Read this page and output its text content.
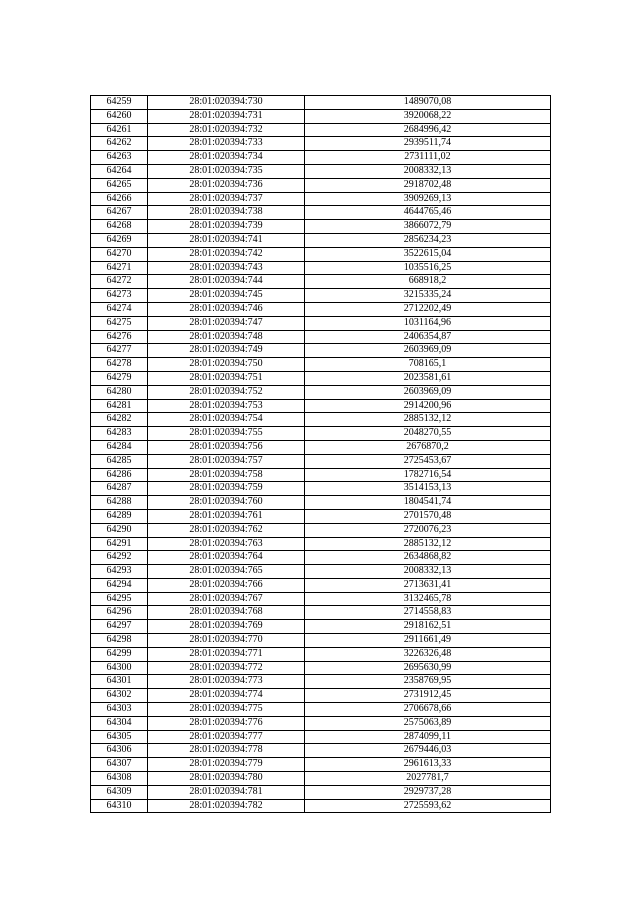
64259	28:01:020394:730	1489070,08
64260	28:01:020394:731	3920068,22
64261	28:01:020394:732	2684996,42
64262	28:01:020394:733	2939511,74
64263	28:01:020394:734	2731111,02
64264	28:01:020394:735	2008332,13
64265	28:01:020394:736	2918702,48
64266	28:01:020394:737	3909269,13
64267	28:01:020394:738	4644765,46
64268	28:01:020394:739	3866072,79
64269	28:01:020394:741	2856234,23
64270	28:01:020394:742	3522615,04
64271	28:01:020394:743	1035516,25
64272	28:01:020394:744	668918,2
64273	28:01:020394:745	3215335,24
64274	28:01:020394:746	2712202,49
64275	28:01:020394:747	1031164,96
64276	28:01:020394:748	2406354,87
64277	28:01:020394:749	2603969,09
64278	28:01:020394:750	708165,1
64279	28:01:020394:751	2023581,61
64280	28:01:020394:752	2603969,09
64281	28:01:020394:753	2914200,96
64282	28:01:020394:754	2885132,12
64283	28:01:020394:755	2048270,55
64284	28:01:020394:756	2676870,2
64285	28:01:020394:757	2725453,67
64286	28:01:020394:758	1782716,54
64287	28:01:020394:759	3514153,13
64288	28:01:020394:760	1804541,74
64289	28:01:020394:761	2701570,48
64290	28:01:020394:762	2720076,23
64291	28:01:020394:763	2885132,12
64292	28:01:020394:764	2634868,82
64293	28:01:020394:765	2008332,13
64294	28:01:020394:766	2713631,41
64295	28:01:020394:767	3132465,78
64296	28:01:020394:768	2714558,83
64297	28:01:020394:769	2918162,51
64298	28:01:020394:770	2911661,49
64299	28:01:020394:771	3226326,48
64300	28:01:020394:772	2695630,99
64301	28:01:020394:773	2358769,95
64302	28:01:020394:774	2731912,45
64303	28:01:020394:775	2706678,66
64304	28:01:020394:776	2575063,89
64305	28:01:020394:777	2874099,11
64306	28:01:020394:778	2679446,03
64307	28:01:020394:779	2961613,33
64308	28:01:020394:780	2027781,7
64309	28:01:020394:781	2929737,28
64310	28:01:020394:782	2725593,62
